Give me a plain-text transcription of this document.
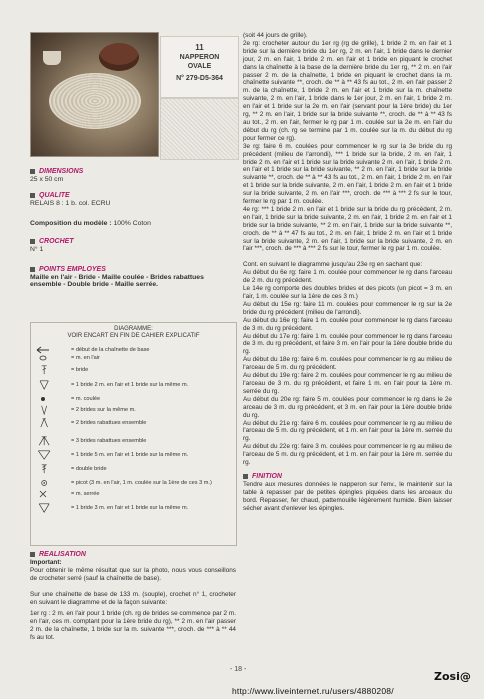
11
NAPPERON
OVALE
N° 279-D5-364
DIMENSIONS
25 x 50 cm
QUALITE
RELAIS 8 : 1 b. col. ECRU
Composition du modèle : 100% Coton
CROCHET
N° 1
POINTS EMPLOYES
Maille en l'air - Bride - Maille coulée - Brides rabattues ensemble - Double bride - Maille serrée.
DIAGRAMME:
VOIR ENCART EN FIN DE CAHIER EXPLICATIF
= début de la chaînette de base
= m. en l'air
= bride
= 1 bride 2 m. en l'air et 1 bride sur la même m.
= m. coulée
= 2 brides sur la même m.
= 2 brides rabattues ensemble
= 3 brides rabattues ensemble
= 1 bride 5 m. en l'air et 1 bride sur la même m.
= double bride
= picot (3 m. en l'air, 1 m. coulée sur la 1ère de ces 3 m.)
= m. serrée
= 1 bride 3 m. en l'air et 1 bride sur la même m.
REALISATION
Important:
Pour obtenir le même résultat que sur la photo, nous vous conseillons de crocheter serré (sauf la chaînette de base).
Sur une chaînette de base de 133 m. (souple), crochet n° 1, crocheter en suivant le diagramme et de la façon suivante:
1er rg : 2 m. en l'air pour 1 bride (ch. rg de brides se commence par 2 m. en l'air, ces m. comptant pour la 1ère bride du rg), ** 2 m. en l'air passer 2 m. de la chaînette, 1 bride sur la m. suivante ***, croch. de *** à ** 44 fs au tot.
(soit 44 jours de grille).
2e rg: crocheter autour du 1er rg (rg de grille), 1 bride 2 m. en l'air et 1 bride sur la dernière bride du 1er rg, 2 m. en l'air, 1 bride dans le dernier jour, 2 m. en l'air, 1 bride 2 m. en l'air et 1 bride en piquant le crochet dans la chaînette à la base de la dernière bride du 1er rg, ** 2 m. en l'air passer 2 m. de la chaînette, 1 bride en piquant le crochet dans la m. chaînette suivante **, croch. de ** à ** 43 fs au tot., 2 m. en l'air passer 2 m. de la chaînette, 1 bride 2 m. en l'air et 1 bride sur la m. chaînette suivante, 2 m. en l'air, 1 bride dans le 1er jour, 2 m. en l'air, 1 bride 2 m. en l'air et 1 bride sur la 2e m. en l'air (servant pour la 1ère bride) du 1er rg, ** 2 m. en l'air, 1 bride sur la bride suivante **, croch. de ** à ** 43 fs au tot., 2 m. en l'air, fermer le rg par 1 m. coulée sur la 2e m. en l'air du début du rg (ch. rg se termine par 1 m. coulée sur la m. du début du rg pour fermer ce rg).
3e rg: faire 6 m. coulées pour commencer le rg sur la 3e bride du rg précédent (milieu de l'arrondi), *** 1 bride sur la bride, 2 m. en l'air, 1 bride 2 m. en l'air et 1 bride sur la bride suivante 2 m. en l'air, 1 bride 2 m. en l'air et 1 bride sur la bride suivante, ** 2 m. en l'air, 1 bride sur la bride suivante **, croch. de ** à ** 43 fs au tot., 2 m. en l'air, 1 bride 2 m. en l'air et 1 bride sur la bride suivante, 2 m. en l'air, 1 bride 2 m. en l'air et 1 bride sur la bride suivante, 2 m. en l'air ***, croch. de *** à *** 2 fs sur le tour, fermer le rg par 1 m. coulée.
4e rg: *** 1 bride 2 m. en l'air et 1 bride sur la bride du rg précédent, 2 m. en l'air, 1 bride sur la bride suivante, 2 m. en l'air, 1 bride 2 m. en l'air et 1 bride sur la bride suivante, ** 2 m. en l'air, 1 bride sur la bride suivante **, croch. de ** à ** 47 fs au tot., 2 m. en l'air, 1 bride 2 m. en l'air et 1 bride sur la bride suivante, 2 m. en l'air, 1 bride sur la bride suivante, 2 m. en l'air ***, croch. de *** à *** 2 fs sur le tour, fermer le rg par 1 m. coulée.
Cont. en suivant le diagramme jusqu'au 23e rg en sachant que:
Au début du 6e rg: faire 1 m. coulée pour commencer le rg dans l'arceau de 2 m. du rg précédent.
Le 14e rg comporte des doubles brides et des picots (un picot = 3 m. en l'air, 1 m. coulée sur la 1ère de ces 3 m.)
Au début du 15e rg: faire 11 m. coulées pour commencer le rg sur la 2e bride du rg précédent (milieu de l'arrondi).
Au début du 16e rg: faire 1 m. coulée pour commencer le rg dans l'arceau de 3 m. du rg précédent.
Au début du 17e rg: faire 1 m. coulée pour commencer le rg dans l'arceau de 3 m. du rg précédent, et faire 3 m. en l'air pour la 1ère double bride du rg.
Au début du 18e rg: faire 6 m. coulées pour commencer le rg au milieu de l'arceau de 5 m. du rg précédent.
Au début du 19e rg: faire 2 m. coulées pour commencer le rg au milieu de l'arceau de 3 m. du rg précédent, et faire 1 m. en l'air pour la 1ère m. serrée du rg.
Au début du 20e rg: faire 5 m. coulées pour commencer le rg dans le 2e arceau de 3 m. du rg précédent, et 3 m. en l'air pour la 1ère double bride du rg.
Au début du 21e rg: faire 6 m. coulées pour commencer le rg au milieu de l'arceau de 5 m. du rg précédent, et 1 m. en l'air pour la 1ère m. serrée du rg.
Au début du 22e rg: faire 3 m. coulées pour commencer le rg au milieu de l'arceau de 5 m. du rg précédent, et 1 m. en l'air pour la 1ère m. serrée du rg.
FINITION
Tendre aux mesures données le napperon sur l'env., le maintenir sur la table à repasser par de petites épingles piquées dans les arceaux du bord. Repasser, fer chaud, pattemouille légèrement humide. Bien laisser sécher avant d'enlever les épingles.
- 18 -
Zosi@
http://www.liveinternet.ru/users/4880208/
